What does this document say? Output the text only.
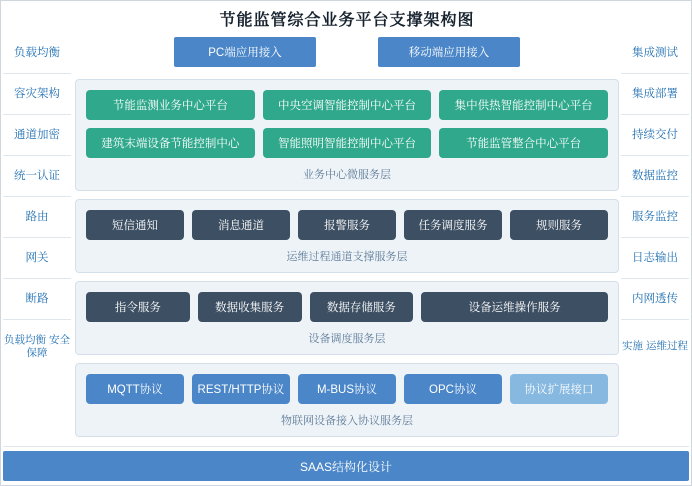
节能监管综合业务平台支撑架构图
负载均衡
容灾架构
通道加密
统一认证
路由
网关
断路
负载均衡 安全保障
集成测试
集成部署
持续交付
数据监控
服务监控
日志输出
内网透传
实施 运维过程
PC端应用接入	移动端应用接入
节能监测业务中心平台	中央空调智能控制中心平台	集中供热智能控制中心平台
建筑末端设备节能控制中心	智能照明智能控制中心平台	节能监管整合中心平台
业务中心微服务层
短信通知	消息通道	报警服务	任务调度服务	规则服务
运维过程通道支撑服务层
指令服务	数据收集服务	数据存储服务	设备运维操作服务
设备调度服务层
MQTT协议	REST/HTTP协议	M-BUS协议	OPC协议	协议扩展接口
物联网设备接入协议服务层
SAAS结构化设计
